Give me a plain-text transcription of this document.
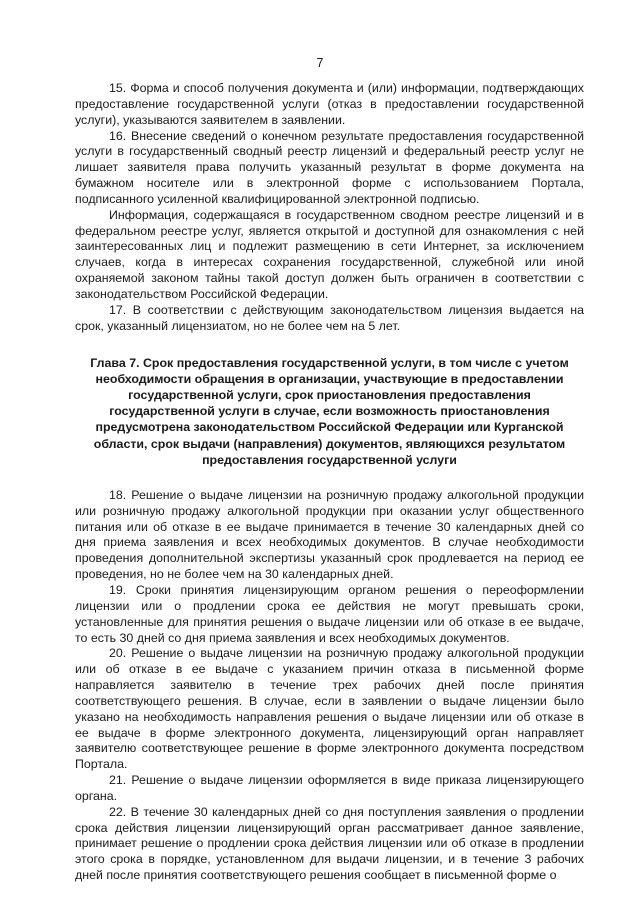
7

15. Форма и способ получения документа и (или) информации, подтверждающих предоставление государственной услуги (отказ в предоставлении государственной услуги), указываются заявителем в заявлении.

16. Внесение сведений о конечном результате предоставления государственной услуги в государственный сводный реестр лицензий и федеральный реестр услуг не лишает заявителя права получить указанный результат в форме документа на бумажном носителе или в электронной форме с использованием Портала, подписанного усиленной квалифицированной электронной подписью.

Информация, содержащаяся в государственном сводном реестре лицензий и в федеральном реестре услуг, является открытой и доступной для ознакомления с ней заинтересованных лиц и подлежит размещению в сети Интернет, за исключением случаев, когда в интересах сохранения государственной, служебной или иной охраняемой законом тайны такой доступ должен быть ограничен в соответствии с законодательством Российской Федерации.

17. В соответствии с действующим законодательством лицензия выдается на срок, указанный лицензиатом, но не более чем на 5 лет.

Глава 7. Срок предоставления государственной услуги, в том числе с учетом необходимости обращения в организации, участвующие в предоставлении государственной услуги, срок приостановления предоставления государственной услуги в случае, если возможность приостановления предусмотрена законодательством Российской Федерации или Курганской области, срок выдачи (направления) документов, являющихся результатом предоставления государственной услуги

18. Решение о выдаче лицензии на розничную продажу алкогольной продукции или розничную продажу алкогольной продукции при оказании услуг общественного питания или об отказе в ее выдаче принимается в течение 30 календарных дней со дня приема заявления и всех необходимых документов. В случае необходимости проведения дополнительной экспертизы указанный срок продлевается на период ее проведения, но не более чем на 30 календарных дней.

19. Сроки принятия лицензирующим органом решения о переоформлении лицензии или о продлении срока ее действия не могут превышать сроки, установленные для принятия решения о выдаче лицензии или об отказе в ее выдаче, то есть 30 дней со дня приема заявления и всех необходимых документов.

20. Решение о выдаче лицензии на розничную продажу алкогольной продукции или об отказе в ее выдаче с указанием причин отказа в письменной форме направляется заявителю в течение трех рабочих дней после принятия соответствующего решения. В случае, если в заявлении о выдаче лицензии было указано на необходимость направления решения о выдаче лицензии или об отказе в ее выдаче в форме электронного документа, лицензирующий орган направляет заявителю соответствующее решение в форме электронного документа посредством Портала.

21. Решение о выдаче лицензии оформляется в виде приказа лицензирующего органа.

22. В течение 30 календарных дней со дня поступления заявления о продлении срока действия лицензии лицензирующий орган рассматривает данное заявление, принимает решение о продлении срока действия лицензии или об отказе в продлении этого срока в порядке, установленном для выдачи лицензии, и в течение 3 рабочих дней после принятия соответствующего решения сообщает в письменной форме о
